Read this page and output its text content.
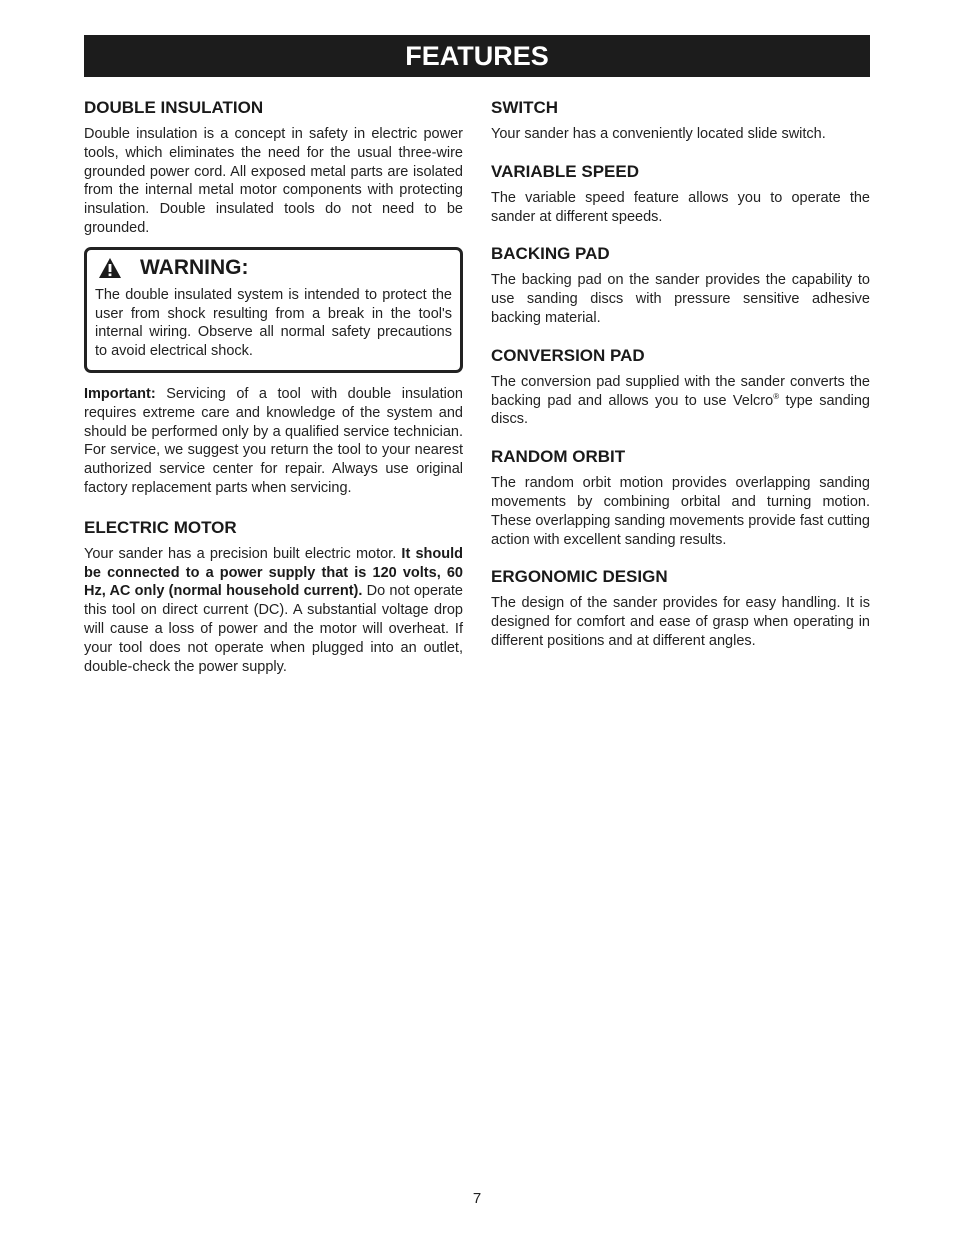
FEATURES
DOUBLE INSULATION

Double insulation is a concept in safety in electric power tools, which eliminates the need for the usual three-wire grounded power cord. All exposed metal parts are isolated from the internal metal motor components with protecting insulation. Double insulated tools do not need to be grounded.

WARNING:

The double insulated system is intended to protect the user from shock resulting from a break in the tool's internal wiring. Observe all normal safety precautions to avoid electrical shock.

Important: Servicing of a tool with double insulation requires extreme care and knowledge of the system and should be performed only by a qualified service technician. For service, we suggest you return the tool to your nearest authorized service center for repair. Always use original factory replacement parts when servicing.

ELECTRIC MOTOR

Your sander has a precision built electric motor. It should be connected to a power supply that is 120 volts, 60 Hz, AC only (normal household current). Do not operate this tool on direct current (DC). A substantial voltage drop will cause a loss of power and the motor will overheat. If your tool does not operate when plugged into an outlet, double-check the power supply.

SWITCH

Your sander has a conveniently located slide switch.

VARIABLE SPEED

The variable speed feature allows you to operate the sander at different speeds.

BACKING PAD

The backing pad on the sander provides the capability to use sanding discs with pressure sensitive adhesive backing material.

CONVERSION PAD

The conversion pad supplied with the sander converts the backing pad and allows you to use Velcro® type sanding discs.

RANDOM ORBIT

The random orbit motion provides overlapping sanding movements by combining orbital and turning motion. These overlapping sanding movements provide fast cutting action with excellent sanding results.

ERGONOMIC DESIGN

The design of the sander provides for easy handling. It is designed for comfort and ease of grasp when operating in different positions and at different angles.

7
